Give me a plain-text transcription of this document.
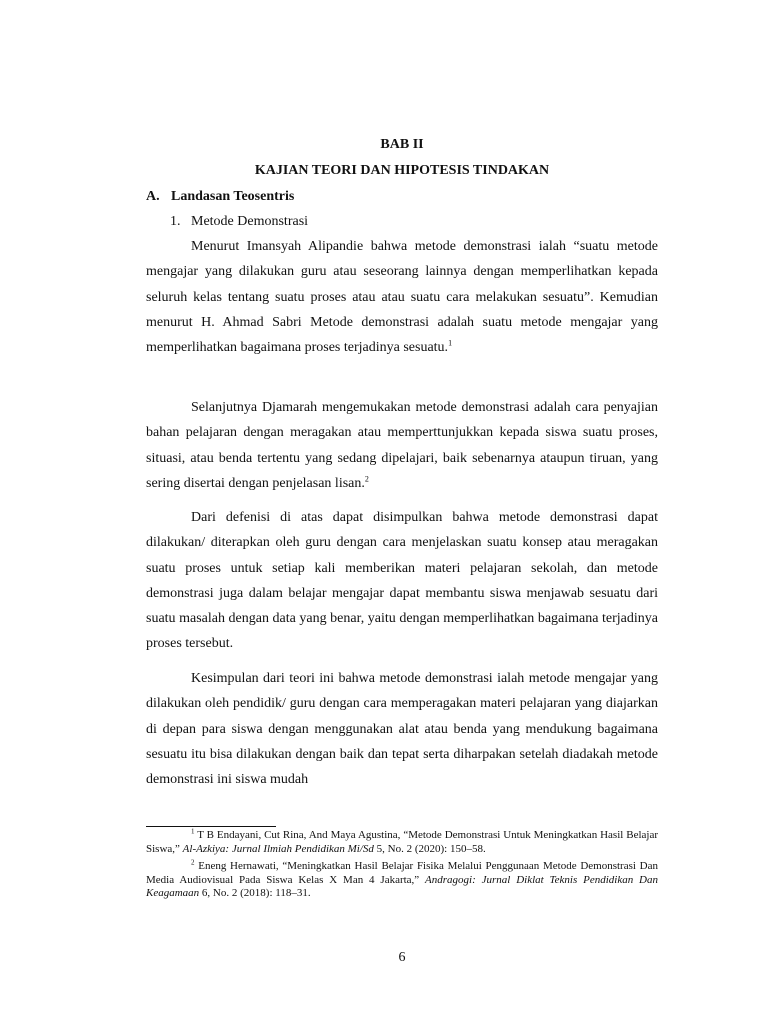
BAB II
KAJIAN TEORI DAN HIPOTESIS TINDAKAN
A. Landasan Teosentris
1. Metode Demonstrasi

Menurut Imansyah Alipandie bahwa metode demonstrasi ialah “suatu metode mengajar yang dilakukan guru atau seseorang lainnya dengan memperlihatkan kepada seluruh kelas tentang suatu proses atau atau suatu cara melakukan sesuatu”. Kemudian menurut H. Ahmad Sabri Metode demonstrasi adalah suatu metode mengajar yang memperlihatkan bagaimana proses terjadinya sesuatu.$^1$

Selanjutnya Djamarah mengemukakan metode demonstrasi adalah cara penyajian bahan pelajaran dengan meragakan atau memperttunjukkan kepada siswa suatu proses, situasi, atau benda tertentu yang sedang dipelajari, baik sebenarnya ataupun tiruan, yang sering disertai dengan penjelasan lisan.$^2$

Dari defenisi di atas dapat disimpulkan bahwa metode demonstrasi dapat dilakukan/ diterapkan oleh guru dengan cara menjelaskan suatu konsep atau meragakan suatu proses untuk setiap kali memberikan materi pelajaran sekolah, dan metode demonstrasi juga dalam belajar mengajar dapat membantu siswa menjawab sesuatu dari suatu masalah dengan data yang benar, yaitu dengan memperlihatkan bagaimana terjadinya proses tersebut.

Kesimpulan dari teori ini bahwa metode demonstrasi ialah metode mengajar yang dilakukan oleh pendidik/ guru dengan cara memperagakan materi pelajaran yang diajarkan di depan para siswa dengan menggunakan alat atau benda yang mendukung bagaimana sesuatu itu bisa dilakukan dengan baik dan tepat serta diharpakan setelah diadakah metode demonstrasi ini siswa mudah

$^1$ T B Endayani, Cut Rina, And Maya Agustina, “Metode Demonstrasi Untuk Meningkatkan Hasil Belajar Siswa,” Al-Azkiya: Jurnal Ilmiah Pendidikan Mi/Sd 5, No. 2 (2020): 150–58.

$^2$ Eneng Hernawati, “Meningkatkan Hasil Belajar Fisika Melalui Penggunaan Metode Demonstrasi Dan Media Audiovisual Pada Siswa Kelas X Man 4 Jakarta,” Andragogi: Jurnal Diklat Teknis Pendidikan Dan Keagamaan 6, No. 2 (2018): 118–31.

6
